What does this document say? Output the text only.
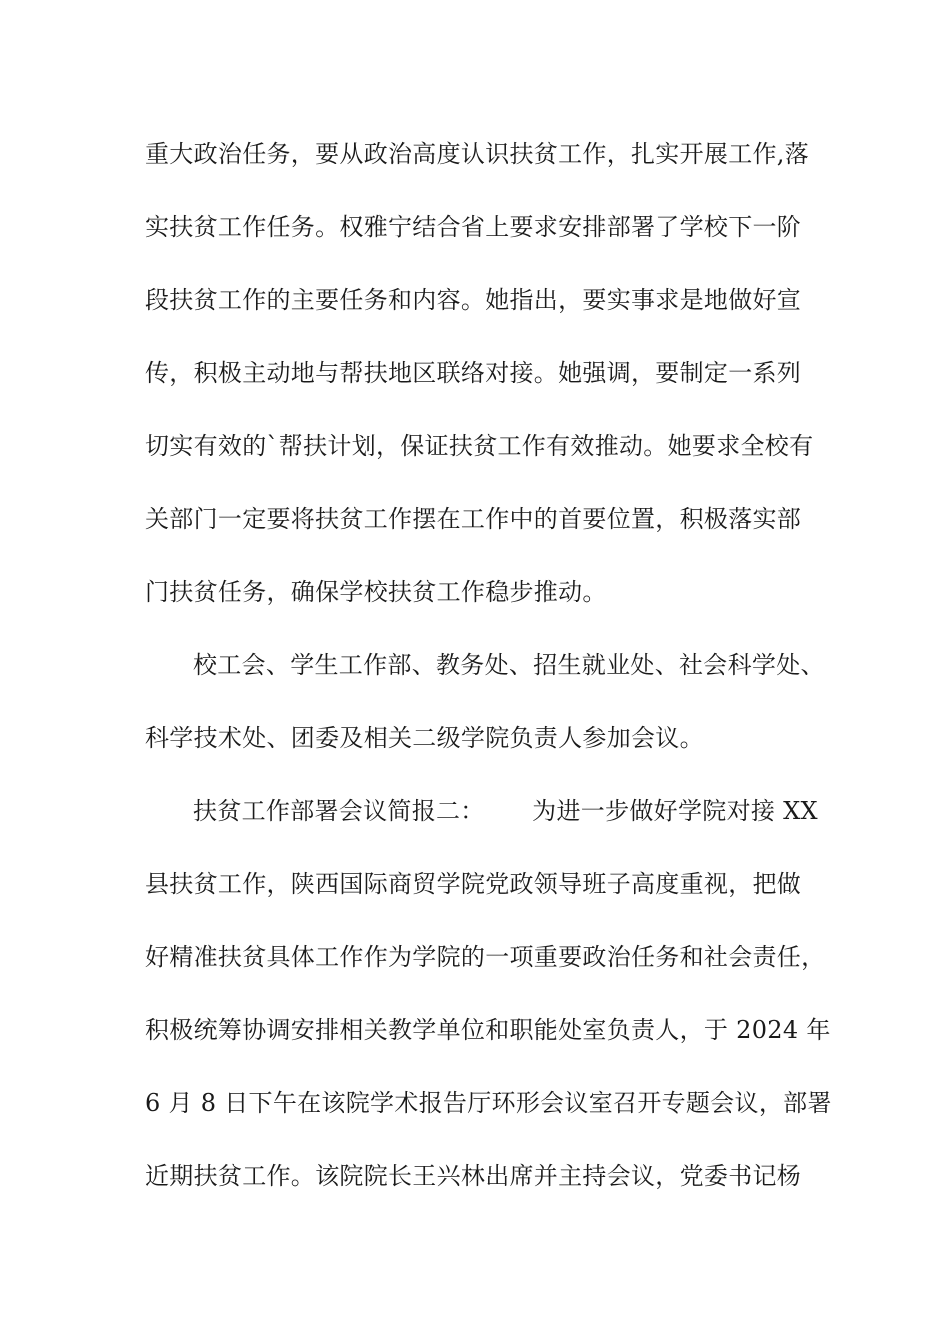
重大政治任务，要从政治高度认识扶贫工作，扎实开展工作,落
实扶贫工作任务。权雅宁结合省上要求安排部署了学校下一阶
段扶贫工作的主要任务和内容。她指出，要实事求是地做好宣
传，积极主动地与帮扶地区联络对接。她强调，要制定一系列
切实有效的`帮扶计划，保证扶贫工作有效推动。她要求全校有
关部门一定要将扶贫工作摆在工作中的首要位置，积极落实部
门扶贫任务，确保学校扶贫工作稳步推动。
校工会、学生工作部、教务处、招生就业处、社会科学处、
科学技术处、团委及相关二级学院负责人参加会议。
扶贫工作部署会议简报二：      为进一步做好学院对接 XX
县扶贫工作，陕西国际商贸学院党政领导班子高度重视，把做
好精准扶贫具体工作作为学院的一项重要政治任务和社会责任，
积极统筹协调安排相关教学单位和职能处室负责人，于 2024 年
6 月 8 日下午在该院学术报告厅环形会议室召开专题会议，部署
近期扶贫工作。该院院长王兴林出席并主持会议，党委书记杨
